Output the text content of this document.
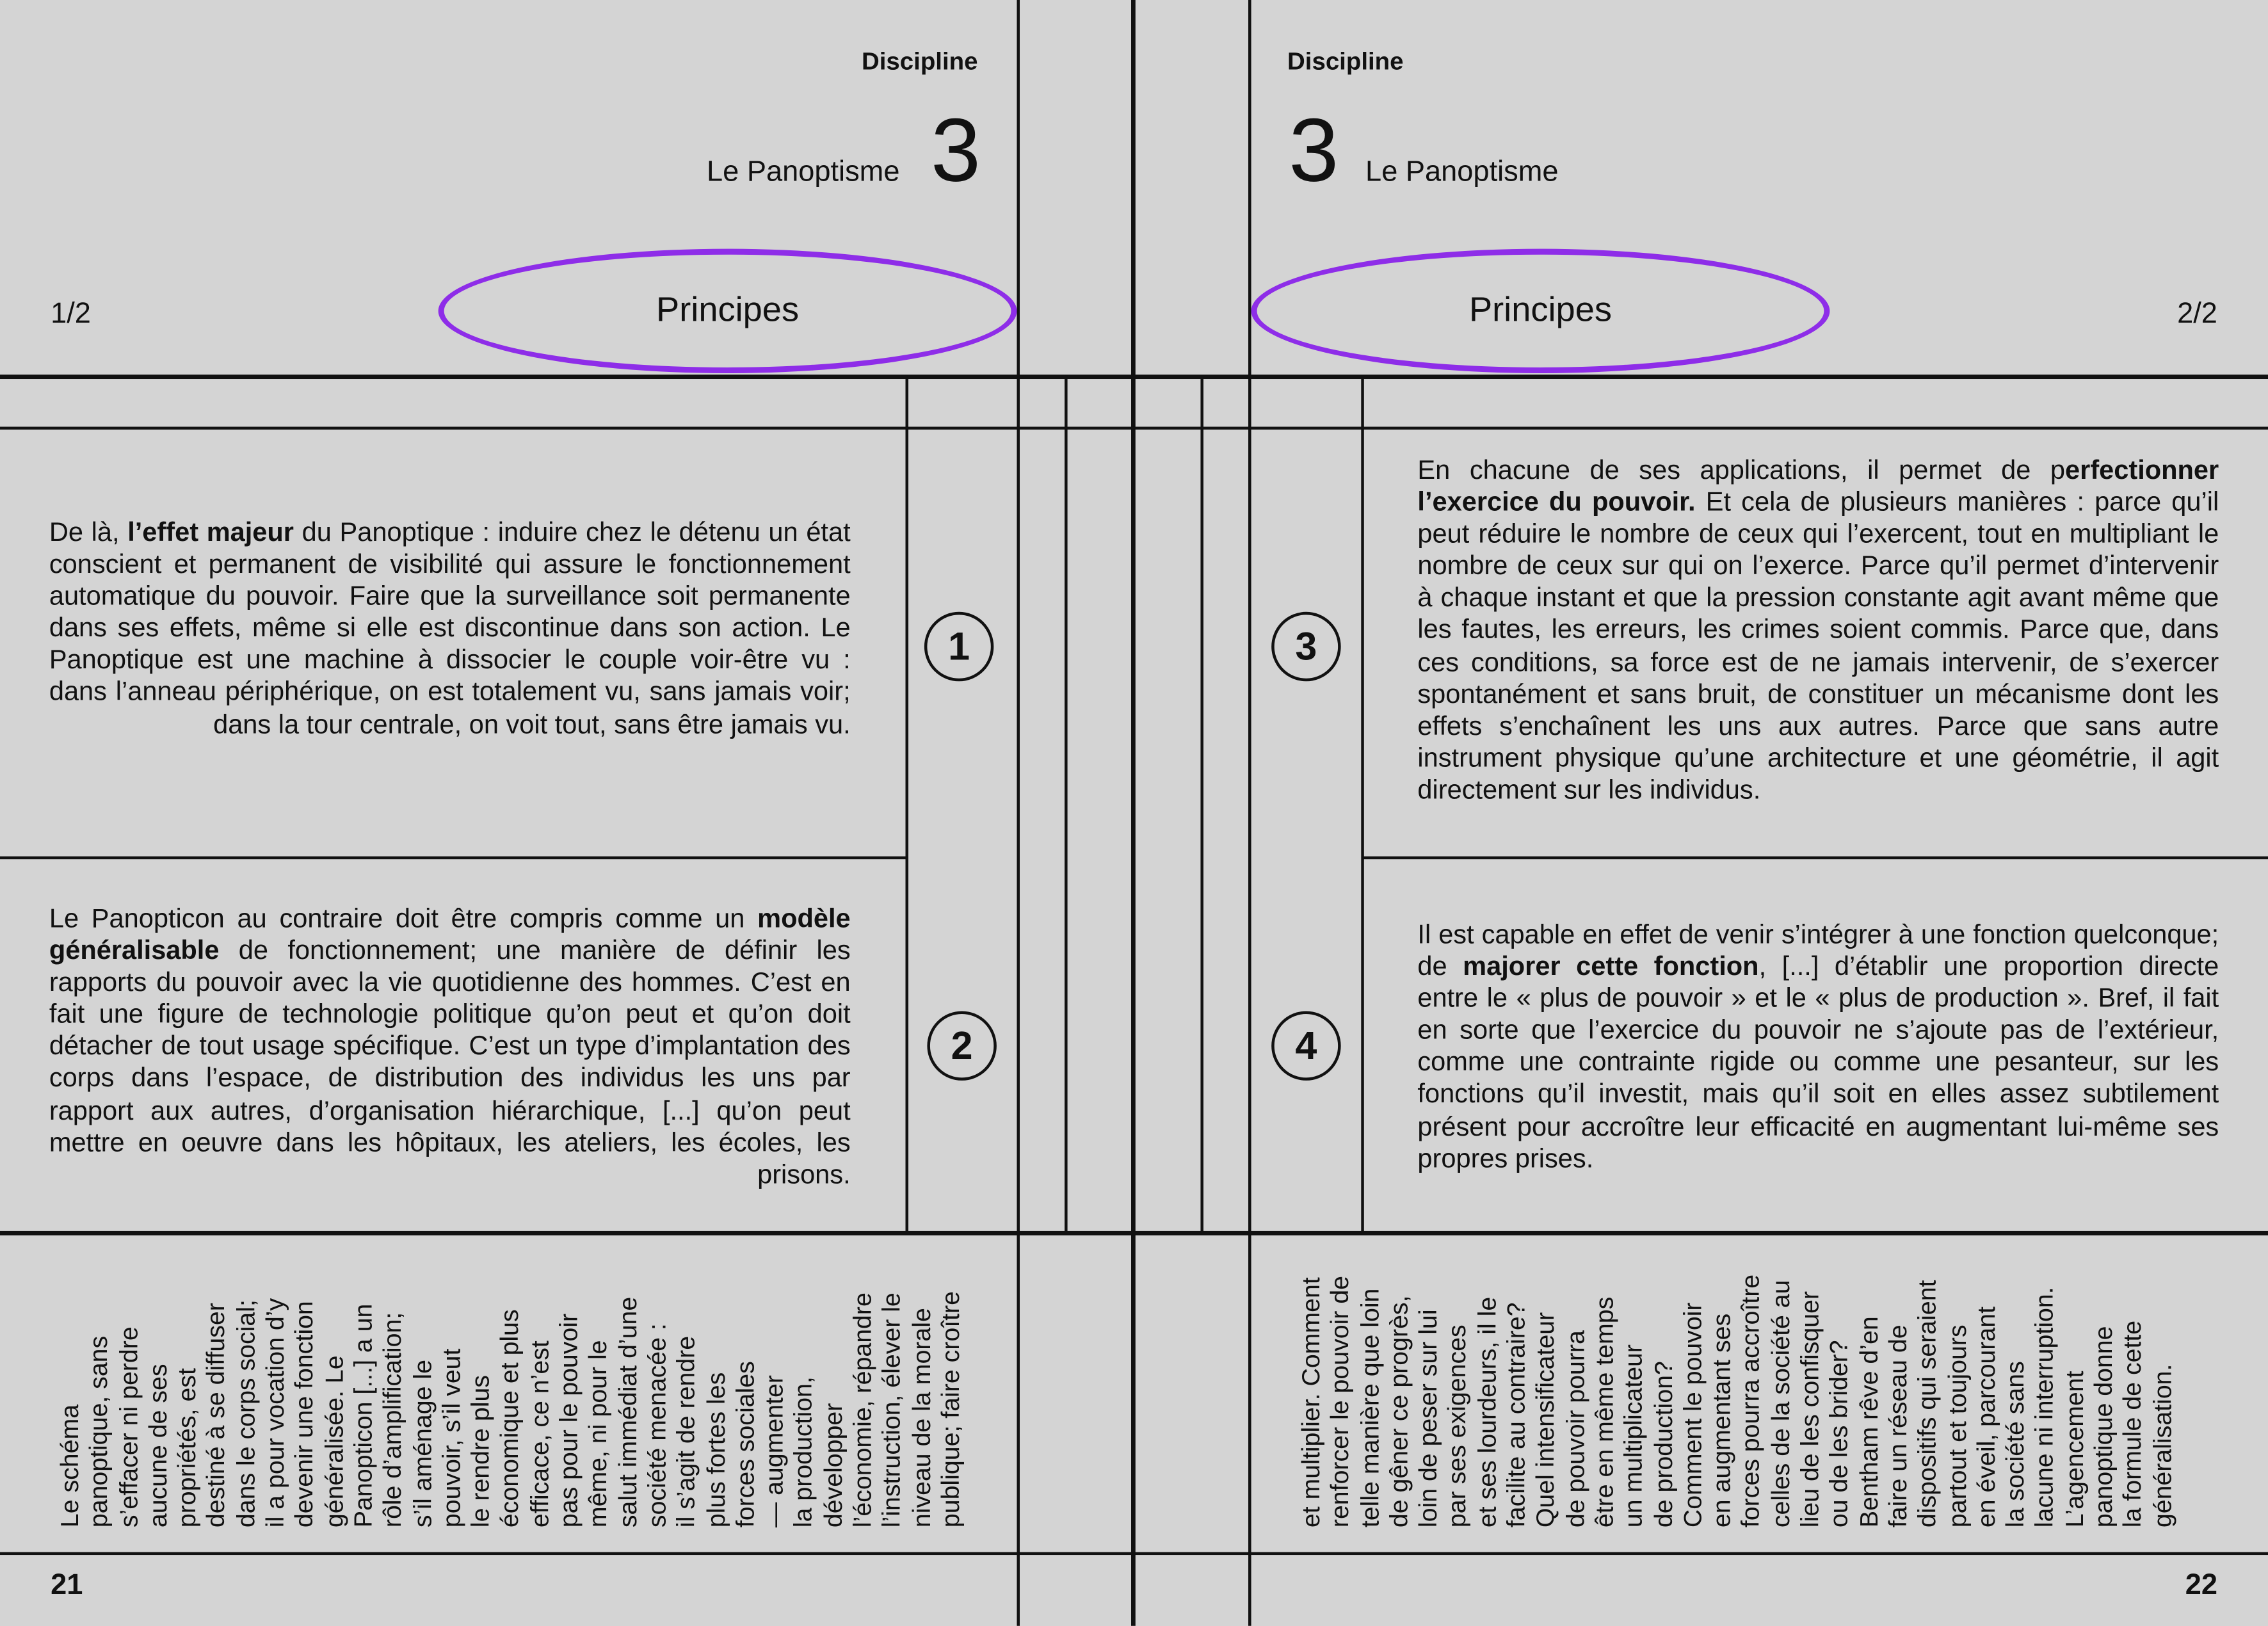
Discipline
Le Panoptisme 3
1/2	Principes
Discipline
3 Le Panoptisme
2/2
Principes
De là, l’effet majeur du Panoptique : induire chez le détenu un état conscient et permanent de visibilité qui assure le fonctionnement automatique du pouvoir. Faire que la surveillance soit permanente dans ses effets, même si elle est discontinue dans son action. Le Panoptique est une machine à dissocier le couple voir-être vu : dans l’anneau périphérique, on est totalement vu, sans jamais voir; dans la tour centrale, on voit tout, sans être jamais vu.
1
Le Panopticon au contraire doit être compris comme un modèle généralisable de fonctionnement; une manière de définir les rapports du pouvoir avec la vie quotidienne des hommes. C’est en fait une figure de technologie politique qu’on peut et qu’on doit détacher de tout usage spécifique. C’est un type d’implantation des corps dans l’espace, de distribution des individus les uns par rapport aux autres, d’organisation hiérarchique, [...] qu’on peut mettre en oeuvre dans les hôpitaux, les ateliers, les écoles, les prisons.
2
3
En chacune de ses applications, il permet de perfectionner l’exercice du pouvoir. Et cela de plusieurs manières : parce qu’il peut réduire le nombre de ceux qui l’exercent, tout en multipliant le nombre de ceux sur qui on l’exerce. Parce qu’il permet d’intervenir à chaque instant et que la pression constante agit avant même que les fautes, les erreurs, les crimes soient commis. Parce que, dans ces conditions, sa force est de ne jamais intervenir, de s’exercer spontanément et sans bruit, de constituer un mécanisme dont les effets s’enchaînent les uns aux autres. Parce que sans autre instrument physique qu’une architecture et une géométrie, il agit directement sur les individus.
4
Il est capable en effet de venir s’intégrer à une fonction quelconque; de majorer cette fonction, [...] d’établir une proportion directe entre le « plus de pouvoir » et le « plus de production ». Bref, il fait en sorte que l’exercice du pouvoir ne s’ajoute pas de l’extérieur, comme une contrainte rigide ou comme une pesanteur, sur les fonctions qu’il investit, mais qu’il soit en elles assez subtilement présent pour accroître leur efficacité en augmentant lui-même ses propres prises.
Le schéma panoptique, sans s’effacer ni perdre aucune de ses propriétés, est destiné à se diffuser dans le corps social; il a pour vocation d’y devenir une fonction généralisée. Le Panopticon [...] a un rôle d’amplification; s’il aménage le pouvoir, s’il veut le rendre plus économique et plus efficace, ce n’est pas pour le pouvoir même, ni pour le salut immédiat d’une société menacée : il s’agit de rendre plus fortes les forces sociales — augmenter la production, développer l’économie, répandre l’instruction, élever le niveau de la morale publique; faire croître	et multiplier. Comment renforcer le pouvoir de telle manière que loin de gêner ce progrès, loin de peser sur lui par ses exigences et ses lourdeurs, il le facilite au contraire? Quel intensificateur de pouvoir pourra être en même temps un multiplicateur de production? Comment le pouvoir en augmentant ses forces pourra accroître celles de la société au lieu de les confisquer ou de les brider? Bentham rêve d’en faire un réseau de dispositifs qui seraient partout et toujours en éveil, parcourant la société sans lacune ni interruption. L’agencement panoptique donne la formule de cette généralisation.
21	22
